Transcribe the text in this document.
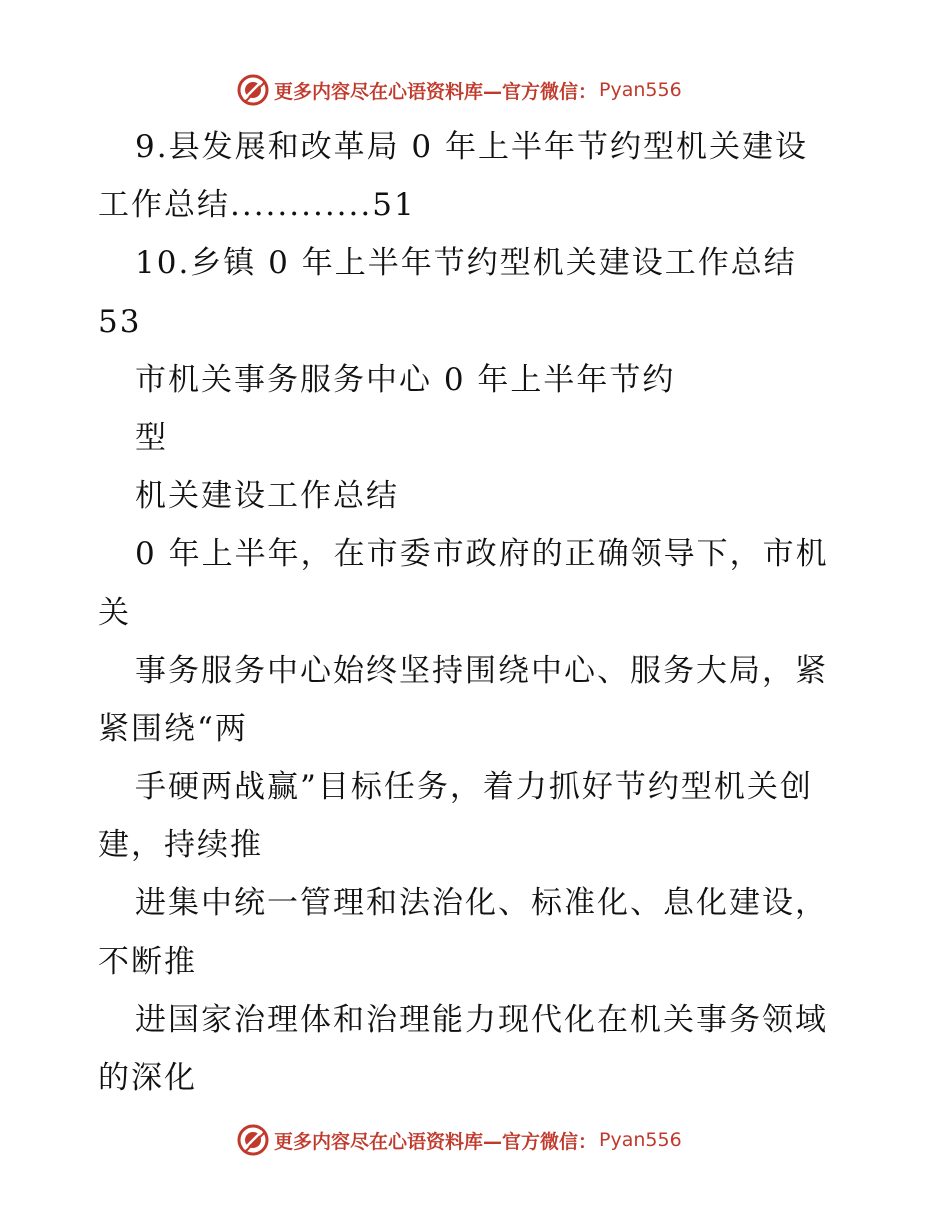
更多内容尽在心语资料库—官方微信： Pyan556
9.县发展和改革局 0 年上半年节约型机关建设
工作总结............51
10.乡镇 0 年上半年节约型机关建设工作总结
53
市机关事务服务中心 0 年上半年节约
型
机关建设工作总结
0 年上半年，在市委市政府的正确领导下，市机
关
事务服务中心始终坚持围绕中心、服务大局，紧
紧围绕“两
手硬两战赢”目标任务，着力抓好节约型机关创
建，持续推
进集中统一管理和法治化、标准化、息化建设，
不断推
进国家治理体和治理能力现代化在机关事务领域
的深化
更多内容尽在心语资料库—官方微信： Pyan556
